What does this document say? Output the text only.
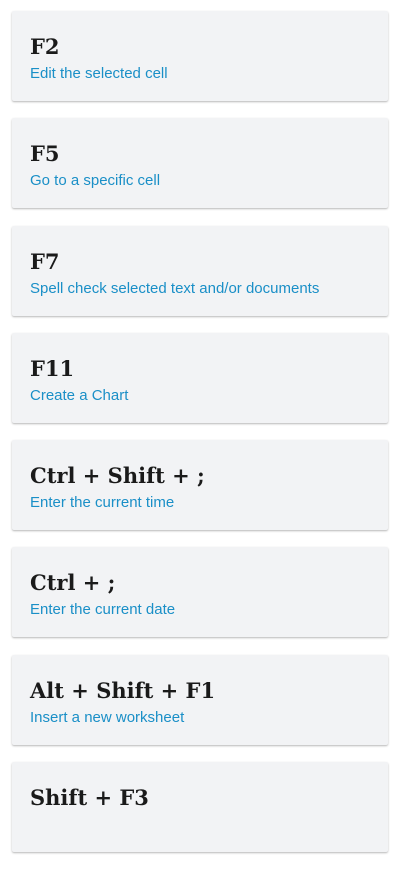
F2
Edit the selected cell
F5
Go to a specific cell
F7
Spell check selected text and/or documents
F11
Create a Chart
Ctrl + Shift + ;
Enter the current time
Ctrl + ;
Enter the current date
Alt + Shift + F1
Insert a new worksheet
Shift + F3
